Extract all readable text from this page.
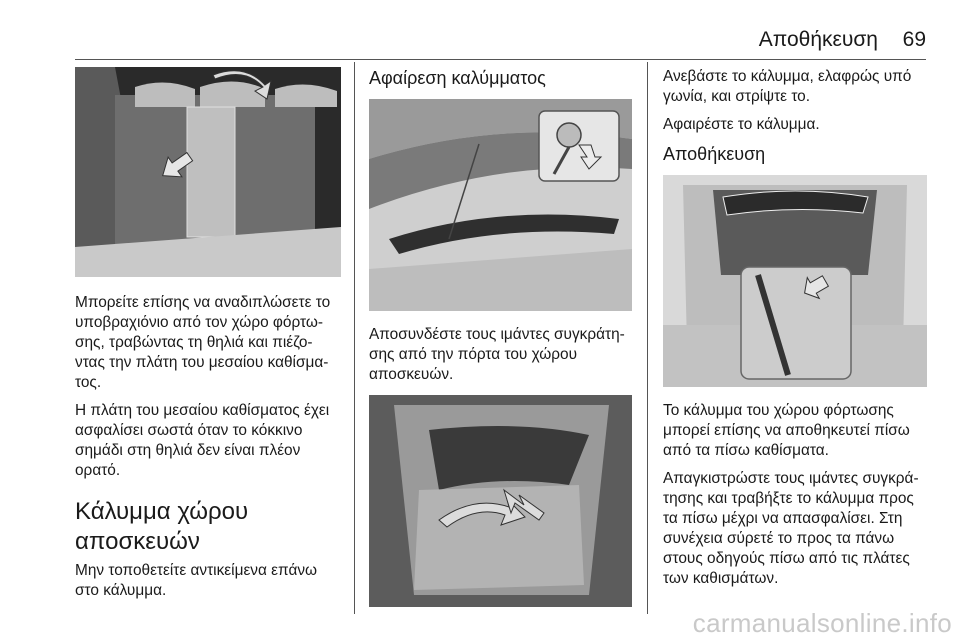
Αποθήκευση 69

Μπορείτε επίσης να αναδιπλώσετε το υποβραχιόνιο από τον χώρο φόρτω‐σης, τραβώντας τη θηλιά και πιέζο‐ντας την πλάτη του μεσαίου καθίσμα‐τος.

Η πλάτη του μεσαίου καθίσματος έχει ασφαλίσει σωστά όταν το κόκκινο σημάδι στη θηλιά δεν είναι πλέον ορατό.

Κάλυμμα χώρου αποσκευών

Μην τοποθετείτε αντικείμενα επάνω στο κάλυμμα.

Αφαίρεση καλύμματος

Αποσυνδέστε τους ιμάντες συγκράτη‐σης από την πόρτα του χώρου αποσκευών.

Ανεβάστε το κάλυμμα, ελαφρώς υπό γωνία, και στρίψτε το.

Αφαιρέστε το κάλυμμα.

Αποθήκευση

Το κάλυμμα του χώρου φόρτωσης μπορεί επίσης να αποθηκευτεί πίσω από τα πίσω καθίσματα.

Απαγκιστρώστε τους ιμάντες συγκρά‐τησης και τραβήξτε το κάλυμμα προς τα πίσω μέχρι να απασφαλίσει. Στη συνέχεια σύρετέ το προς τα πάνω στους οδηγούς πίσω από τις πλάτες των καθισμάτων.

carmanualsonline.info
